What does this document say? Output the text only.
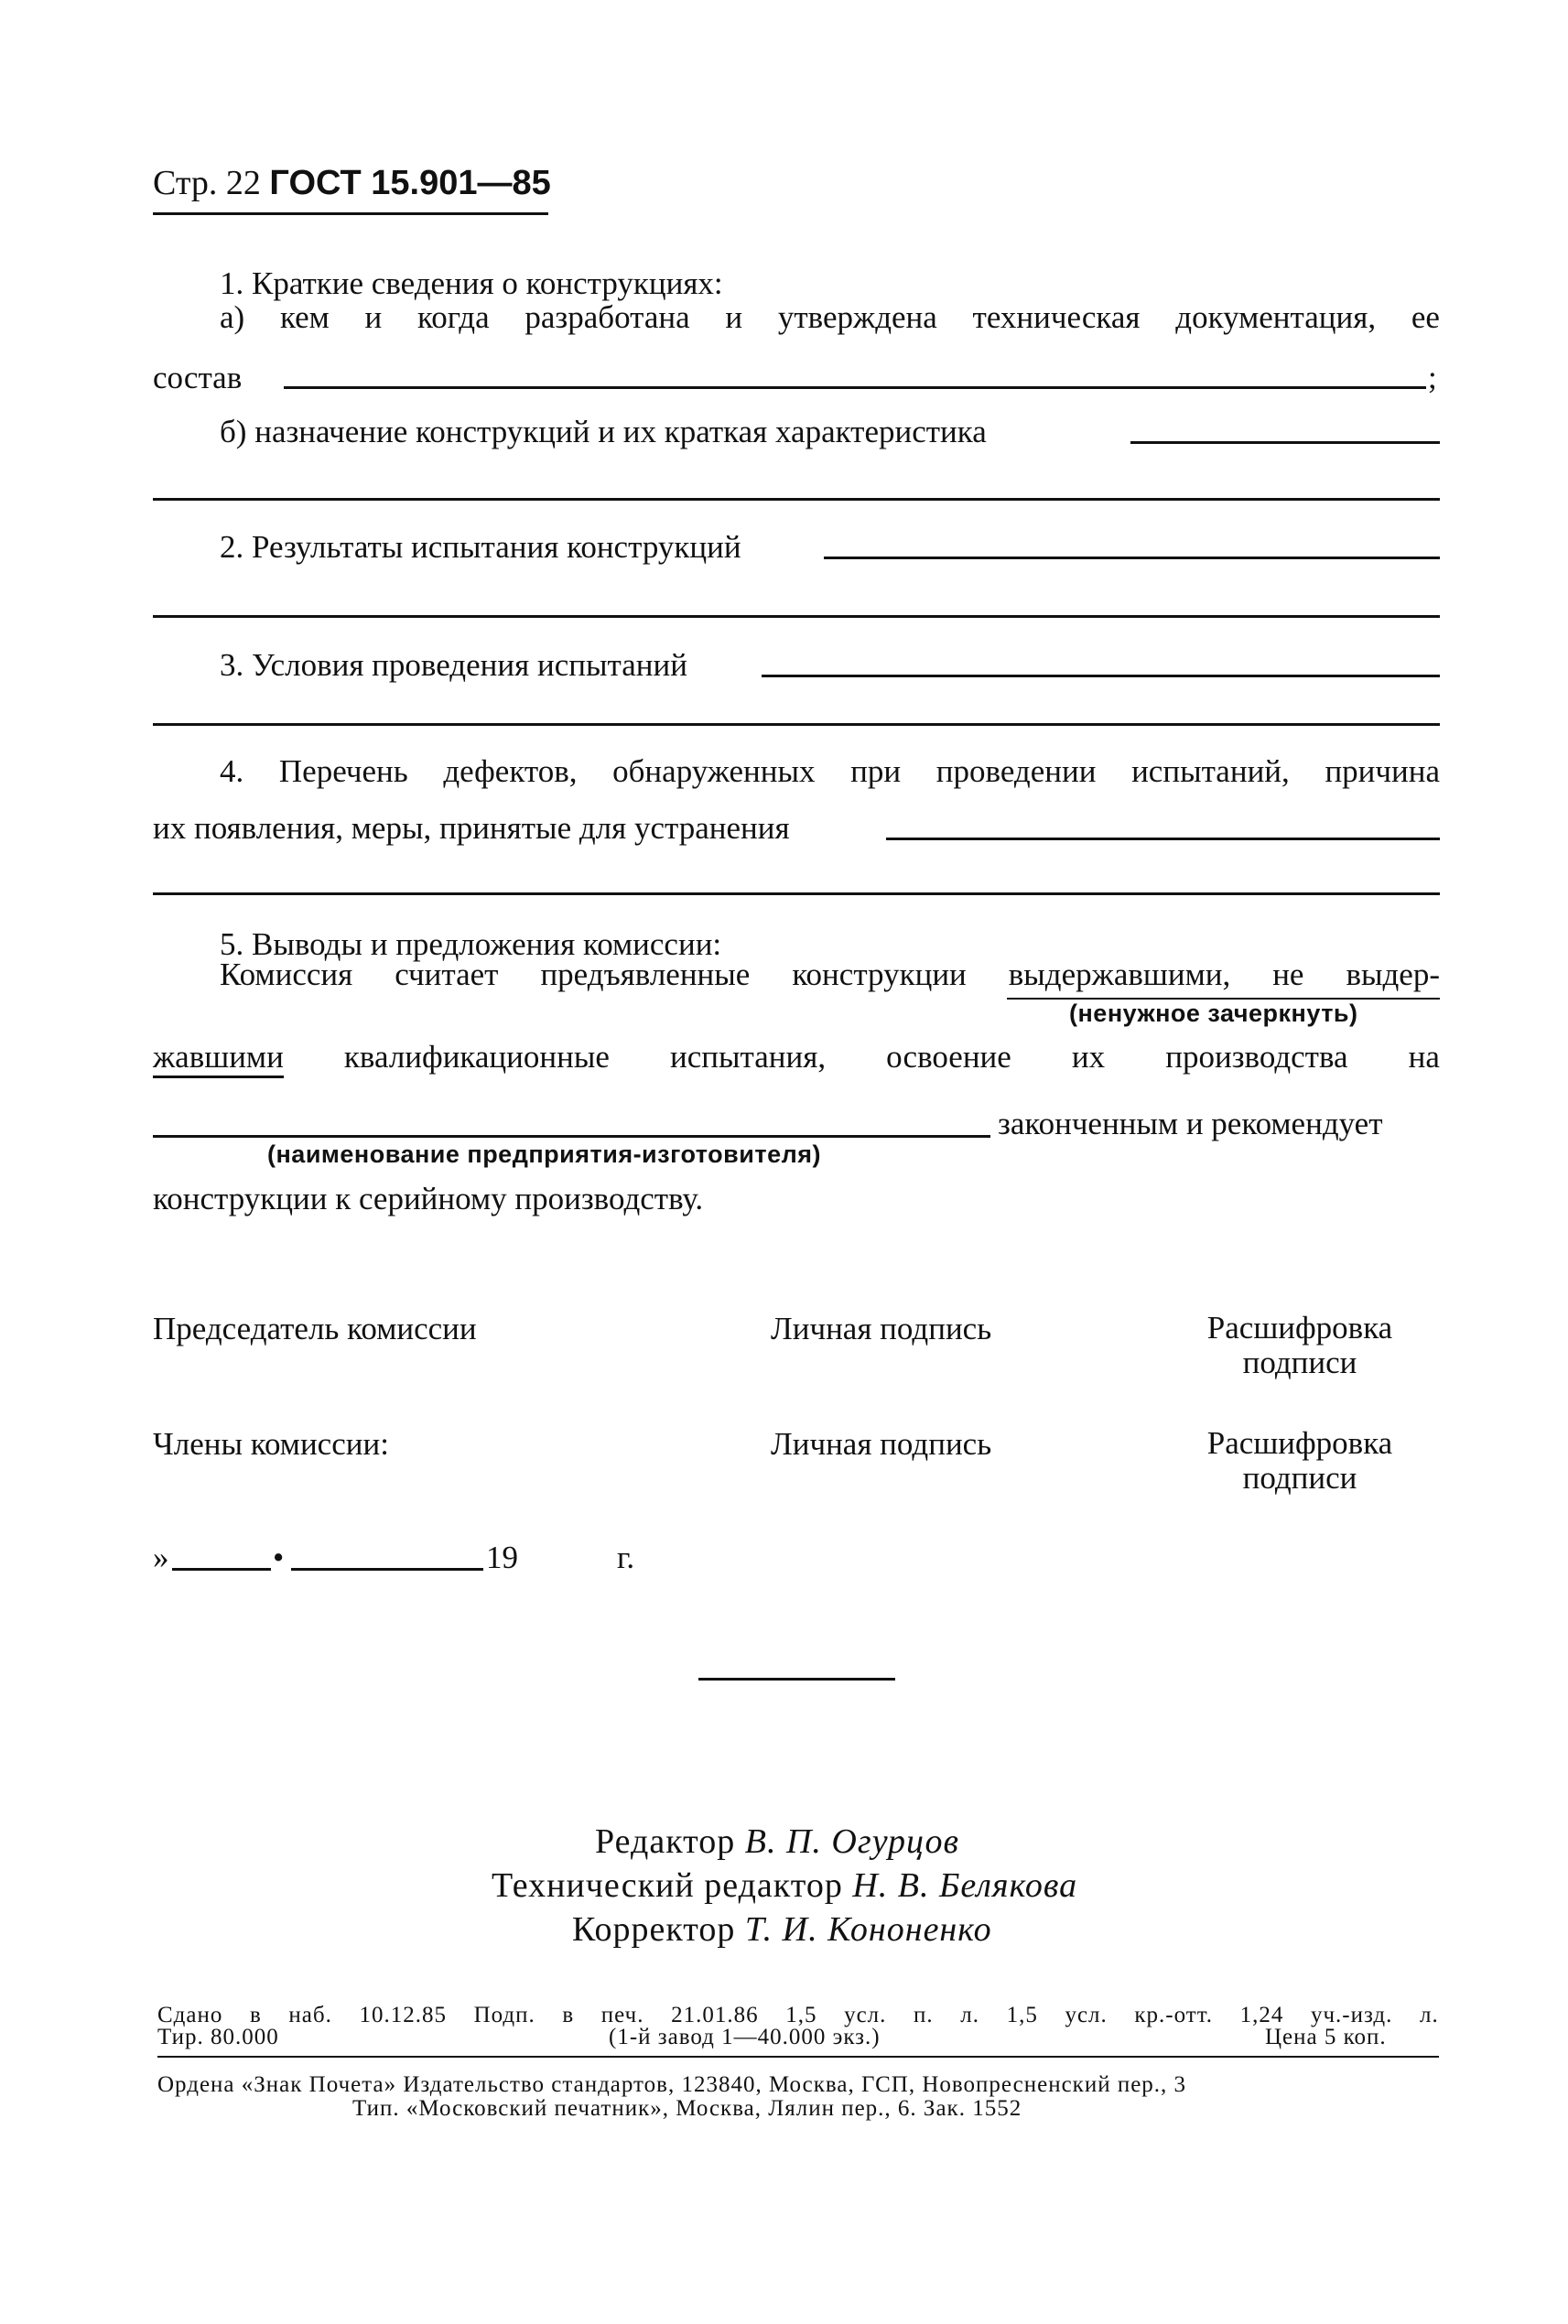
Стр. 22 ГОСТ 15.901—85
1. Краткие сведения о конструкциях:
а) кем и когда разработана и утверждена техническая документация, ее
состав	;
б) назначение конструкций и их краткая характеристика
2. Результаты испытания конструкций
3. Условия проведения испытаний
4. Перечень дефектов, обнаруженных при проведении испытаний, причина
их появления, меры, принятые для устранения
5. Выводы и предложения комиссии:
Комиссия считает предъявленные конструкции выдержавшими, не выдер-
(ненужное зачеркнуть)
жавшими квалификационные испытания, освоение их производства на
законченным и рекомендует
(наименование предприятия-изготовителя)
конструкции к серийному производству.
Председатель комиссии	Личная подпись	Расшифровка
подписи
Члены комиссии:	Личная подпись	Расшифровка
подписи
»	•	19	г.
Редактор В. П. Огурцов
Технический редактор Н. В. Белякова
Корректор Т. И. Кононенко
Сдано в наб. 10.12.85 Подп. в печ. 21.01.86 1,5 усл. п. л. 1,5 усл. кр.-отт. 1,24 уч.-изд. л.
Тир. 80.000	(1-й завод 1—40.000 экз.)	Цена 5 коп.
Ордена «Знак Почета» Издательство стандартов, 123840, Москва, ГСП, Новопресненский пер., 3
Тип. «Московский печатник», Москва, Лялин пер., 6. Зак. 1552
